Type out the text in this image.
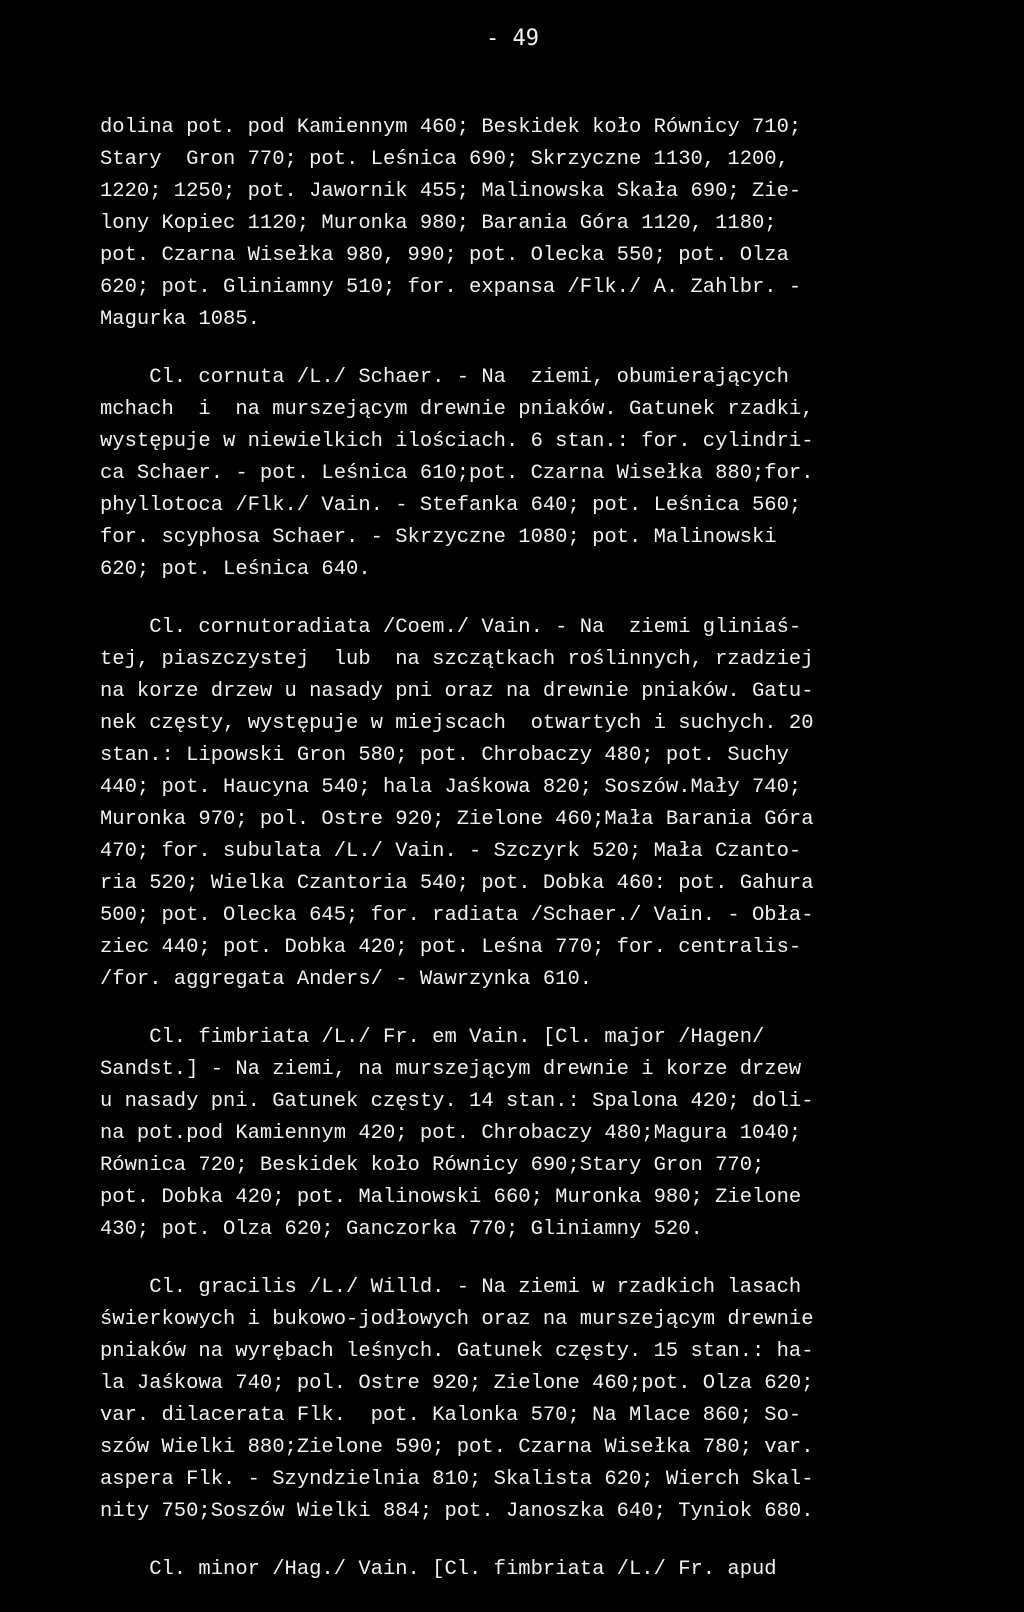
- 49
dolina pot. pod Kamiennym 460; Beskidek koło Równicy 710;
Stary  Gron 770; pot. Leśnica 690; Skrzyczne 1130, 1200,
1220; 1250; pot. Jawornik 455; Malinowska Skała 690; Zie-
lony Kopiec 1120; Muronka 980; Barania Góra 1120, 1180;
pot. Czarna Wisełka 980, 990; pot. Olecka 550; pot. Olza
620; pot. Gliniamny 510; for. expansa /Flk./ A. Zahlbr. -
Magurka 1085.
Cl. cornuta /L./ Schaer. - Na  ziemi, obumierających
mchach  i  na murszejącym drewnie pniaków. Gatunek rzadki,
występuje w niewielkich ilościach. 6 stan.: for. cylindri-
ca Schaer. - pot. Leśnica 610;pot. Czarna Wisełka 880;for.
phyllotoca /Flk./ Vain. - Stefanka 640; pot. Leśnica 560;
for. scyphosa Schaer. - Skrzyczne 1080; pot. Malinowski
620; pot. Leśnica 640.
Cl. cornutoradiata /Coem./ Vain. - Na  ziemi gliniaś-
tej, piaszczystej  lub  na szczątkach roślinnych, rzadziej
na korze drzew u nasady pni oraz na drewnie pniaków. Gatu-
nek częsty, występuje w miejscach  otwartych i suchych. 20
stan.: Lipowski Gron 580; pot. Chrobaczy 480; pot. Suchy
440; pot. Haucyna 540; hala Jaśkowa 820; Soszów.Mały 740;
Muronka 970; pol. Ostre 920; Zielone 460;Mała Barania Góra
470; for. subulata /L./ Vain. - Szczyrk 520; Mała Czanto-
ria 520; Wielka Czantoria 540; pot. Dobka 460: pot. Gahura
500; pot. Olecka 645; for. radiata /Schaer./ Vain. - Obła-
ziec 440; pot. Dobka 420; pot. Leśna 770; for. centralis-
/for. aggregata Anders/ - Wawrzynka 610.
Cl. fimbriata /L./ Fr. em Vain. [Cl. major /Hagen/
Sandst.] - Na ziemi, na murszejącym drewnie i korze drzew
u nasady pni. Gatunek częsty. 14 stan.: Spalona 420; doli-
na pot.pod Kamiennym 420; pot. Chrobaczy 480;Magura 1040;
Równica 720; Beskidek koło Równicy 690;Stary Gron 770;
pot. Dobka 420; pot. Malinowski 660; Muronka 980; Zielone
430; pot. Olza 620; Ganczorka 770; Gliniamny 520.
Cl. gracilis /L./ Willd. - Na ziemi w rzadkich lasach
świerkowych i bukowo-jodłowych oraz na murszejącym drewnie
pniaków na wyrębach leśnych. Gatunek częsty. 15 stan.: ha-
la Jaśkowa 740; pol. Ostre 920; Zielone 460;pot. Olza 620;
var. dilacerata Flk.  pot. Kalonka 570; Na Mlace 860; So-
szów Wielki 880;Zielone 590; pot. Czarna Wisełka 780; var.
aspera Flk. - Szyndzielnia 810; Skalista 620; Wierch Skal-
nity 750;Soszów Wielki 884; pot. Janoszka 640; Tyniok 680.
Cl. minor /Hag./ Vain. [Cl. fimbriata /L./ Fr. apud
